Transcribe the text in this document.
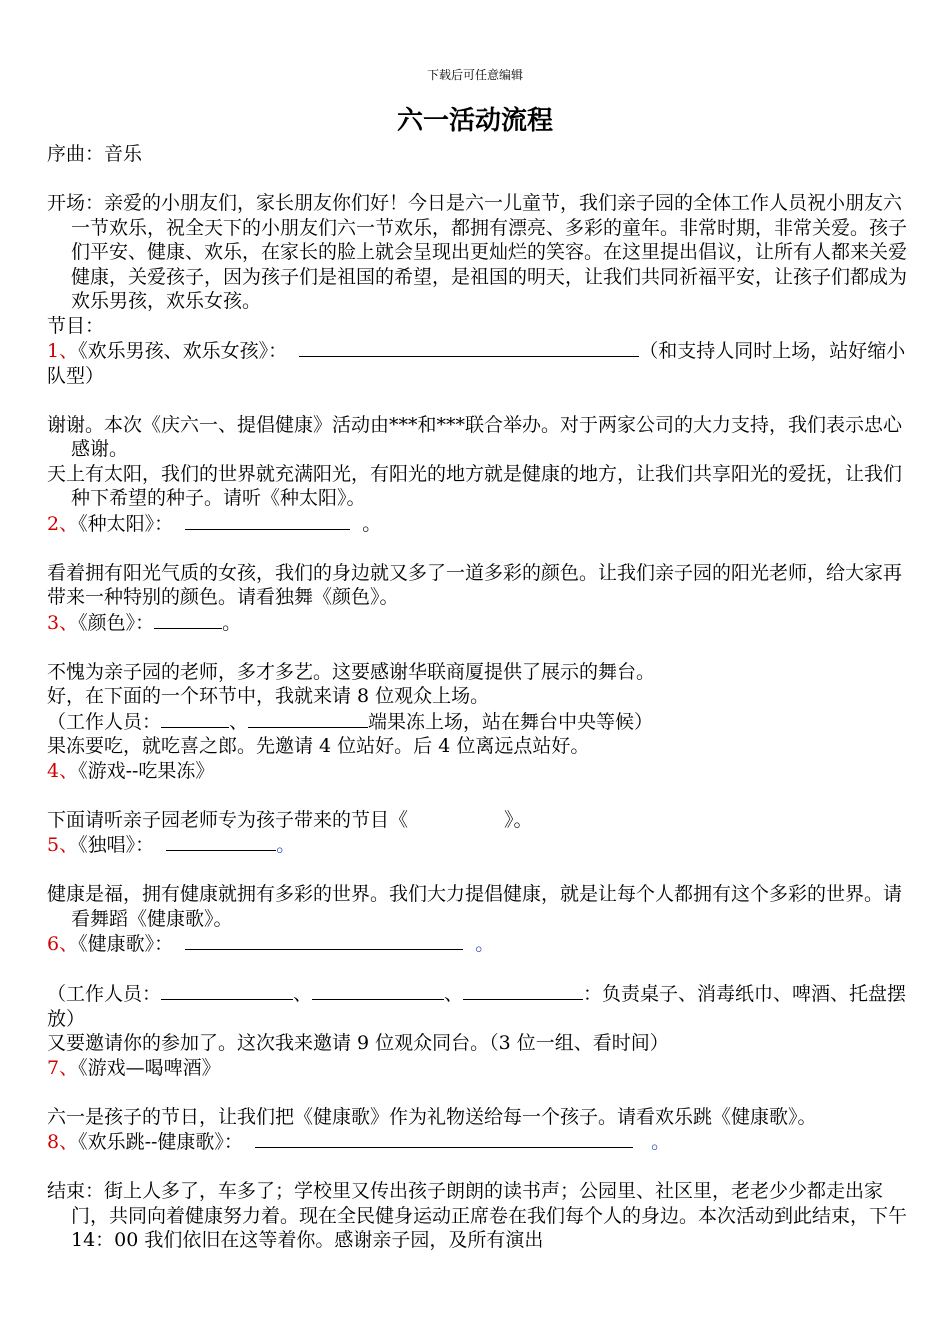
下载后可任意编辑
六一活动流程

序曲：音乐

开场：亲爱的小朋友们，家长朋友你们好！今日是六一儿童节，我们亲子园的全体工作人员祝小朋友六一节欢乐，祝全天下的小朋友们六一节欢乐，都拥有漂亮、多彩的童年。非常时期，非常关爱。孩子们平安、健康、欢乐，在家长的脸上就会呈现出更灿烂的笑容。在这里提出倡议，让所有人都来关爱健康，关爱孩子，因为孩子们是祖国的希望，是祖国的明天，让我们共同祈福平安，让孩子们都成为欢乐男孩，欢乐女孩。

节目：

1、《欢乐男孩、欢乐女孩》：	（和支持人同时上场，站好缩小队型）

谢谢。本次《庆六一、提倡健康》活动由***和***联合举办。对于两家公司的大力支持，我们表示忠心感谢。

天上有太阳，我们的世界就充满阳光，有阳光的地方就是健康的地方，让我们共享阳光的爱抚，让我们种下希望的种子。请听《种太阳》。

2、《种太阳》：	。

看着拥有阳光气质的女孩，我们的身边就又多了一道多彩的颜色。让我们亲子园的阳光老师，给大家再带来一种特别的颜色。请看独舞《颜色》。

3、《颜色》：	。

不愧为亲子园的老师，多才多艺。这要感谢华联商厦提供了展示的舞台。

好，在下面的一个环节中，我就来请 8 位观众上场。

（工作人员：	、	端果冻上场，站在舞台中央等候）

果冻要吃，就吃喜之郎。先邀请 4 位站好。后 4 位离远点站好。

4、《游戏--吃果冻》

下面请听亲子园老师专为孩子带来的节目《	》。

5、《独唱》：	。

健康是福，拥有健康就拥有多彩的世界。我们大力提倡健康，就是让每个人都拥有这个多彩的世界。请看舞蹈《健康歌》。

6、《健康歌》：	。

（工作人员：	、	、	：负责桌子、消毒纸巾、啤酒、托盘摆放）

又要邀请你的参加了。这次我来邀请 9 位观众同台。（3 位一组、看时间）

7、《游戏—喝啤酒》

六一是孩子的节日，让我们把《健康歌》作为礼物送给每一个孩子。请看欢乐跳《健康歌》。

8、《欢乐跳--健康歌》：	。

结束：街上人多了，车多了；学校里又传出孩子朗朗的读书声；公园里、社区里，老老少少都走出家门，共同向着健康努力着。现在全民健身运动正席卷在我们每个人的身边。本次活动到此结束，下午 14：00 我们依旧在这等着你。感谢亲子园，及所有演出
